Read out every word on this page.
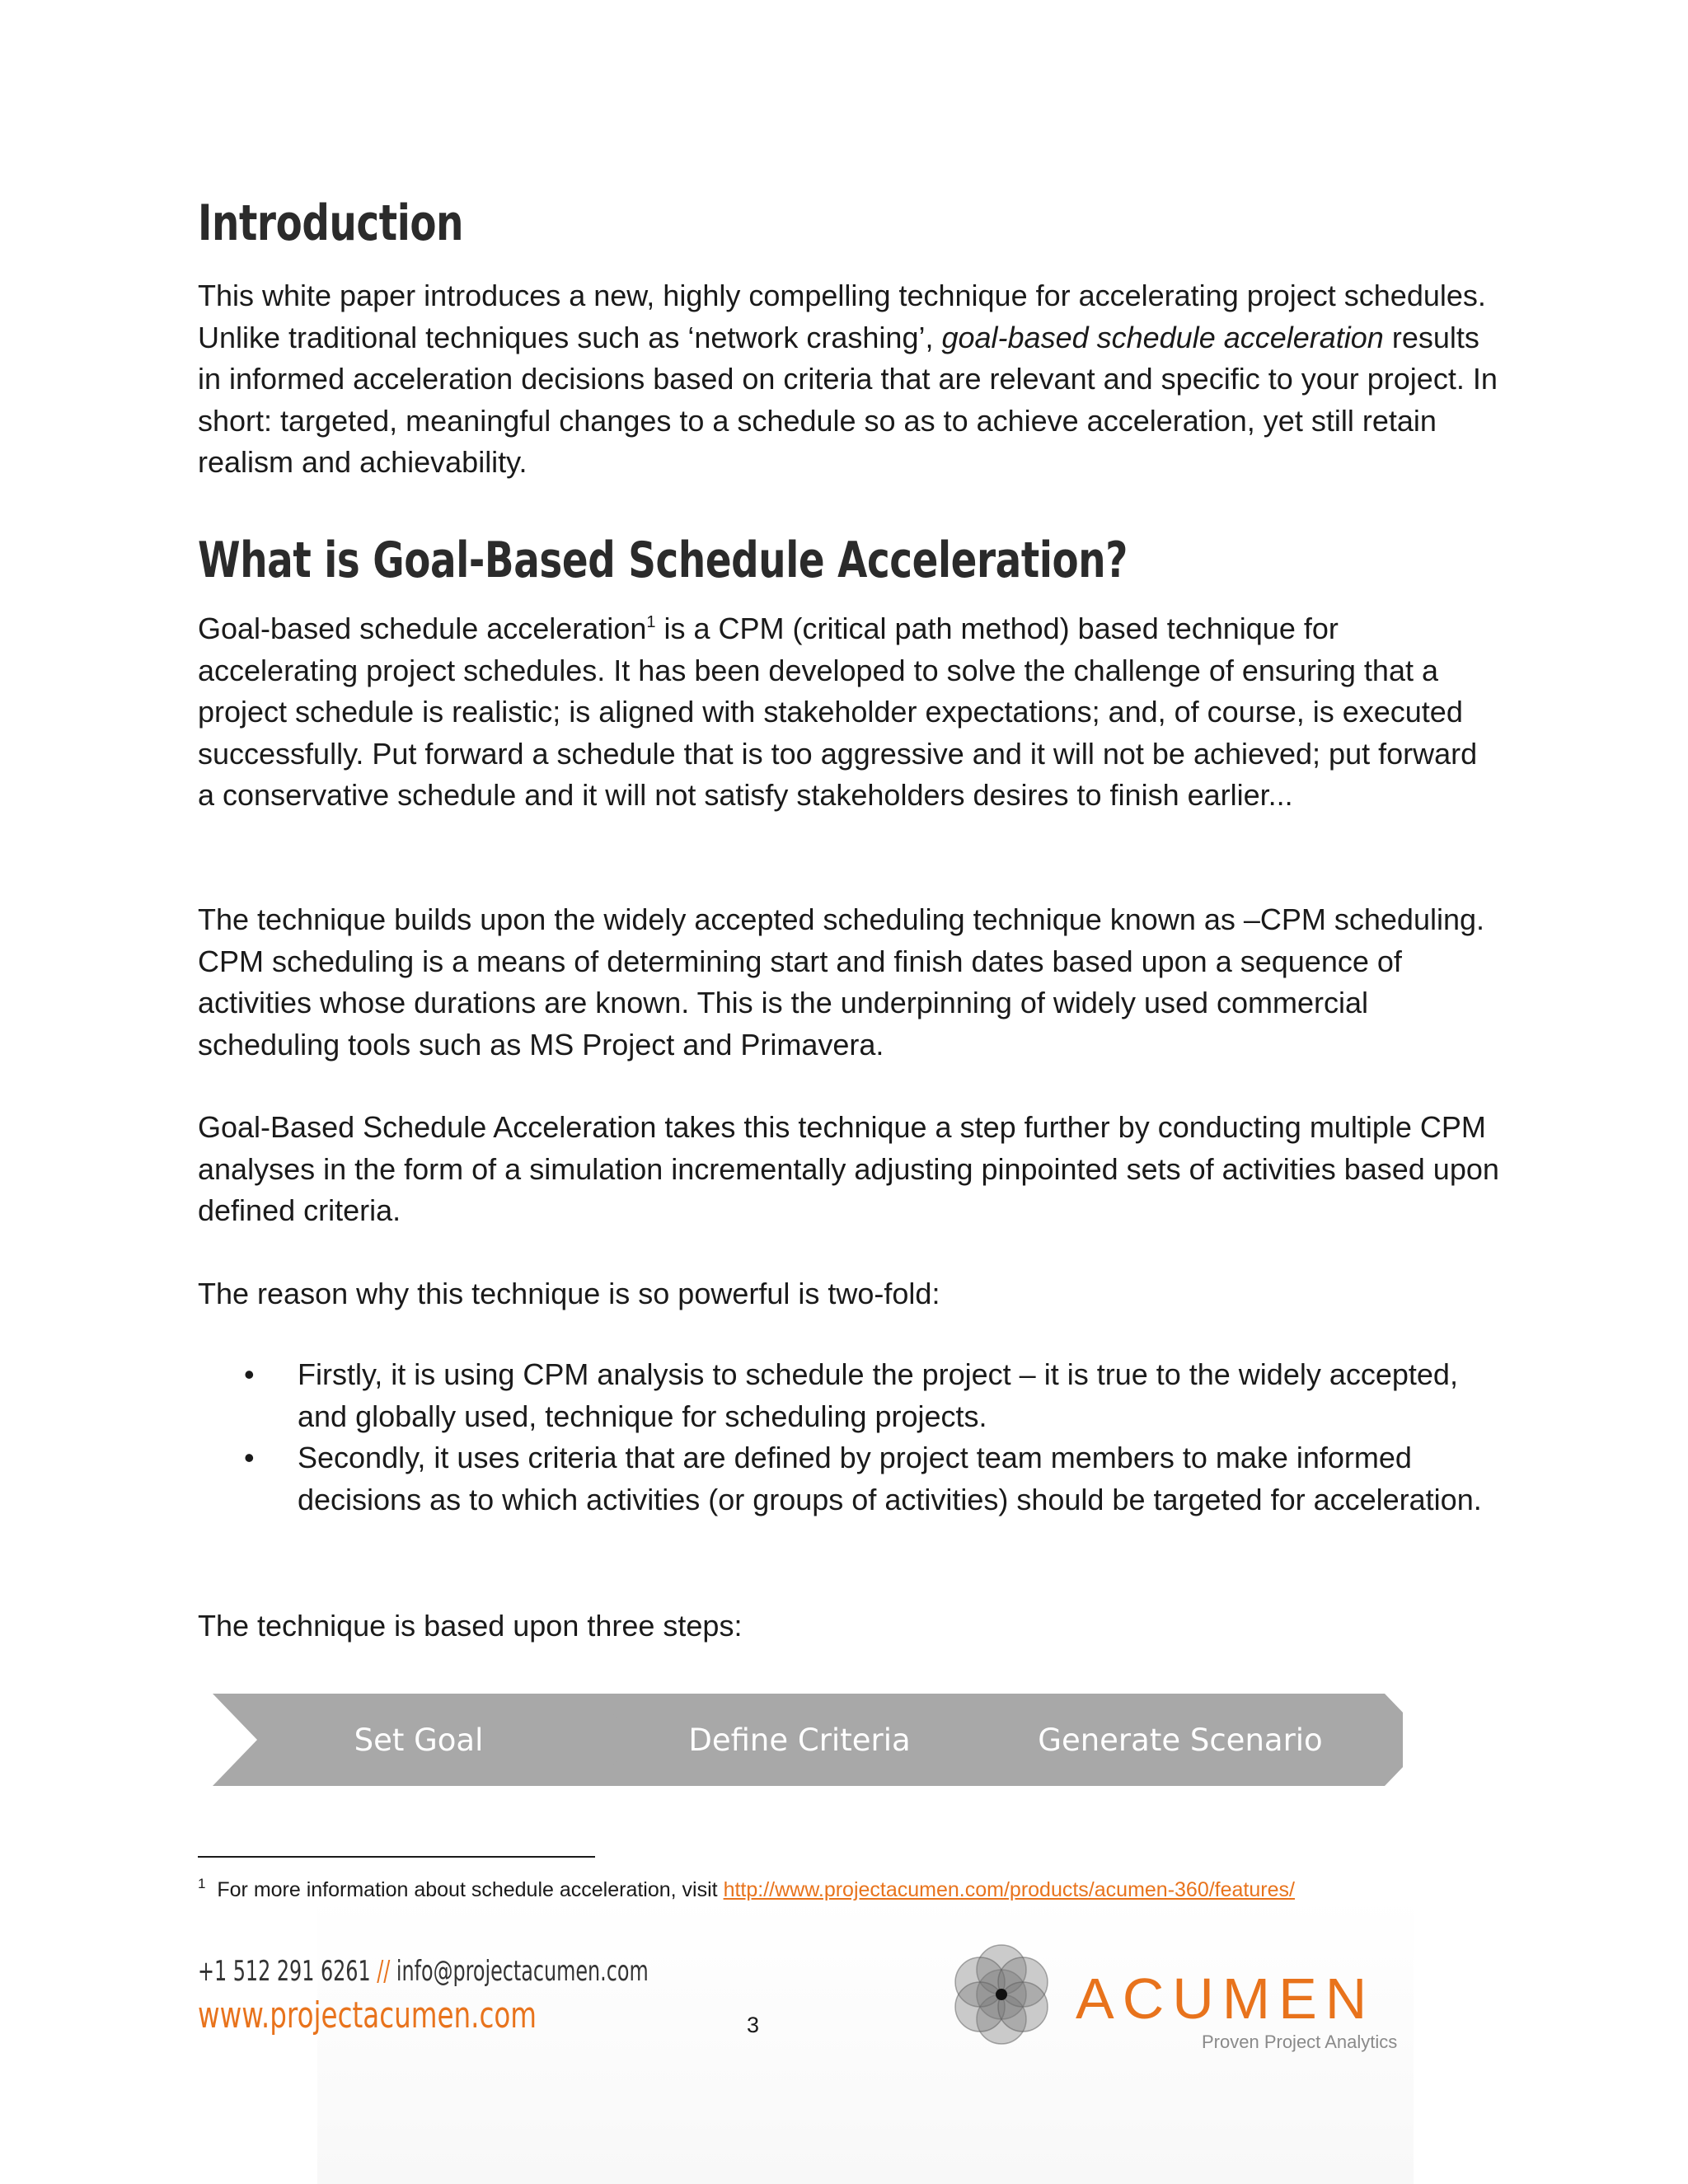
Introduction

This white paper introduces a new, highly compelling technique for accelerating project schedules. Unlike traditional techniques such as ‘network crashing’, goal-based schedule acceleration results in informed acceleration decisions based on criteria that are relevant and specific to your project. In short: targeted, meaningful changes to a schedule so as to achieve acceleration, yet still retain realism and achievability.

What is Goal-Based Schedule Acceleration?

Goal-based schedule acceleration$^1$ is a CPM (critical path method) based technique for accelerating project schedules. It has been developed to solve the challenge of ensuring that a project schedule is realistic; is aligned with stakeholder expectations; and, of course, is executed successfully. Put forward a schedule that is too aggressive and it will not be achieved; put forward a conservative schedule and it will not satisfy stakeholders desires to finish earlier...

The technique builds upon the widely accepted scheduling technique known as –CPM scheduling. CPM scheduling is a means of determining start and finish dates based upon a sequence of activities whose durations are known. This is the underpinning of widely used commercial scheduling tools such as MS Project and Primavera.

Goal-Based Schedule Acceleration takes this technique a step further by conducting multiple CPM analyses in the form of a simulation incrementally adjusting pinpointed sets of activities based upon defined criteria.

The reason why this technique is so powerful is two-fold:

• Firstly, it is using CPM analysis to schedule the project – it is true to the widely accepted, and globally used, technique for scheduling projects.
• Secondly, it uses criteria that are defined by project team members to make informed decisions as to which activities (or groups of activities) should be targeted for acceleration.

The technique is based upon three steps:

Set Goal	Define Criteria	Generate Scenario
$^1$ For more information about schedule acceleration, visit http://www.projectacumen.com/products/acumen-360/features/
+1 512 291 6261 // info@projectacumen.com
www.projectacumen.com	3	ACUMEN
Proven Project Analytics
